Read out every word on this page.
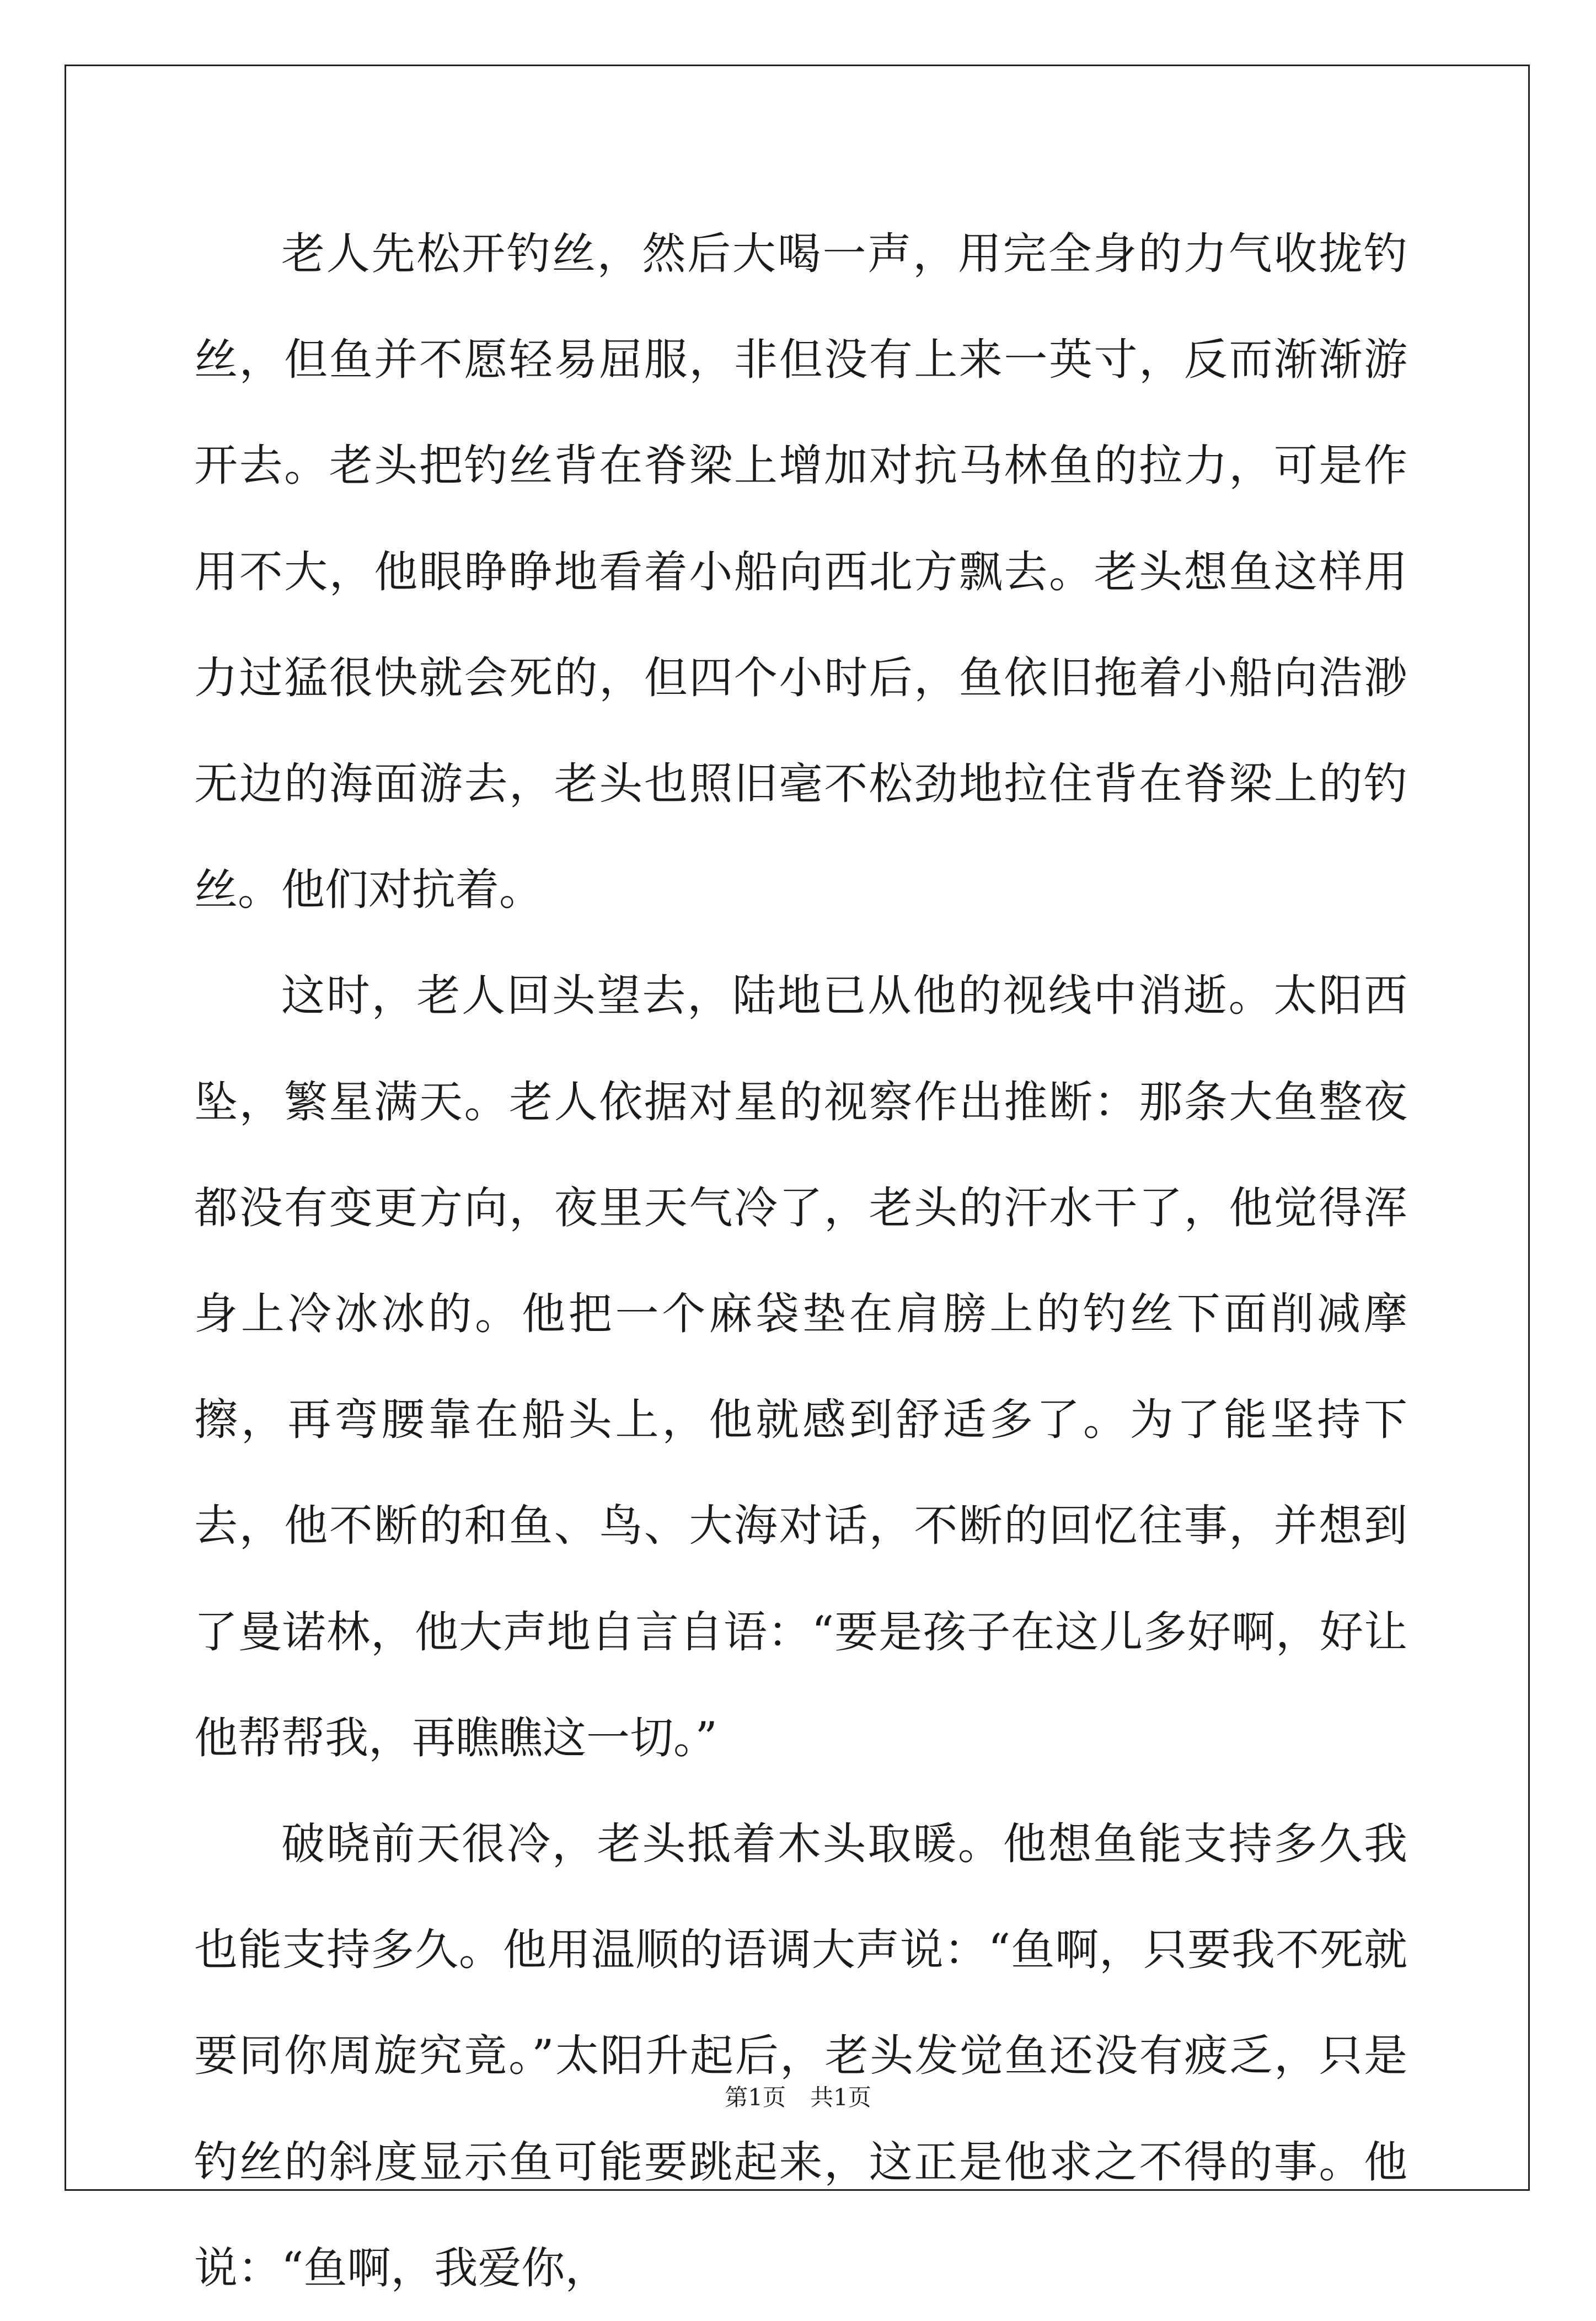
老人先松开钓丝，然后大喝一声，用完全身的力气收拢钓丝，但鱼并不愿轻易屈服，非但没有上来一英寸，反而渐渐游开去。老头把钓丝背在脊梁上增加对抗马林鱼的拉力，可是作用不大，他眼睁睁地看着小船向西北方飘去。老头想鱼这样用力过猛很快就会死的，但四个小时后，鱼依旧拖着小船向浩渺无边的海面游去，老头也照旧毫不松劲地拉住背在脊梁上的钓丝。他们对抗着。

这时，老人回头望去，陆地已从他的视线中消逝。太阳西坠，繁星满天。老人依据对星的视察作出推断：那条大鱼整夜都没有变更方向，夜里天气冷了，老头的汗水干了，他觉得浑身上冷冰冰的。他把一个麻袋垫在肩膀上的钓丝下面削减摩擦，再弯腰靠在船头上，他就感到舒适多了。为了能坚持下去，他不断的和鱼、鸟、大海对话，不断的回忆往事，并想到了曼诺林，他大声地自言自语：“要是孩子在这儿多好啊，好让他帮帮我，再瞧瞧这一切。”

破晓前天很冷，老头抵着木头取暖。他想鱼能支持多久我也能支持多久。他用温顺的语调大声说：“鱼啊，只要我不死就要同你周旋究竟。”太阳升起后，老头发觉鱼还没有疲乏，只是钓丝的斜度显示鱼可能要跳起来，这正是他求之不得的事。他说：“鱼啊，我爱你，

第1页 共1页
